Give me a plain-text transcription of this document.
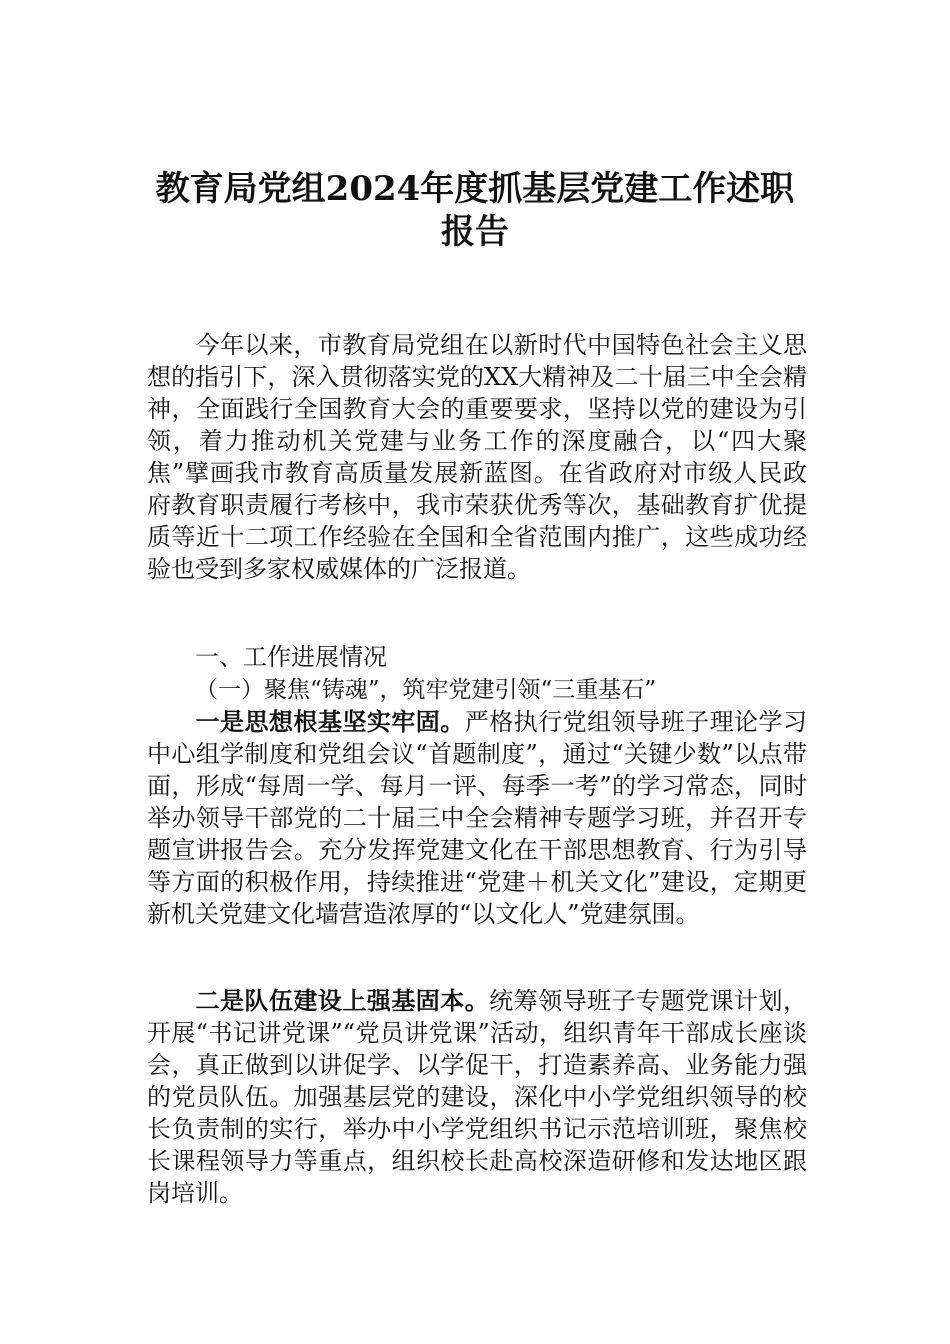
教育局党组2024年度抓基层党建工作述职
报告

今年以来，市教育局党组在以新时代中国特色社会主义思想的指引下，深入贯彻落实党的XX大精神及二十届三中全会精神，全面践行全国教育大会的重要要求，坚持以党的建设为引领，着力推动机关党建与业务工作的深度融合，以“四大聚焦”擘画我市教育高质量发展新蓝图。在省政府对市级人民政府教育职责履行考核中，我市荣获优秀等次，基础教育扩优提质等近十二项工作经验在全国和全省范围内推广，这些成功经验也受到多家权威媒体的广泛报道。

一、工作进展情况

（一）聚焦“铸魂”，筑牢党建引领“三重基石”

一是思想根基坚实牢固。严格执行党组领导班子理论学习中心组学制度和党组会议“首题制度”，通过“关键少数”以点带面，形成“每周一学、每月一评、每季一考”的学习常态，同时举办领导干部党的二十届三中全会精神专题学习班，并召开专题宣讲报告会。充分发挥党建文化在干部思想教育、行为引导等方面的积极作用，持续推进“党建＋机关文化”建设，定期更新机关党建文化墙营造浓厚的“以文化人”党建氛围。

二是队伍建设上强基固本。统筹领导班子专题党课计划，开展“书记讲党课”“党员讲党课”活动，组织青年干部成长座谈会，真正做到以讲促学、以学促干，打造素养高、业务能力强的党员队伍。加强基层党的建设，深化中小学党组织领导的校长负责制的实行，举办中小学党组织书记示范培训班，聚焦校长课程领导力等重点，组织校长赴高校深造研修和发达地区跟岗培训。
